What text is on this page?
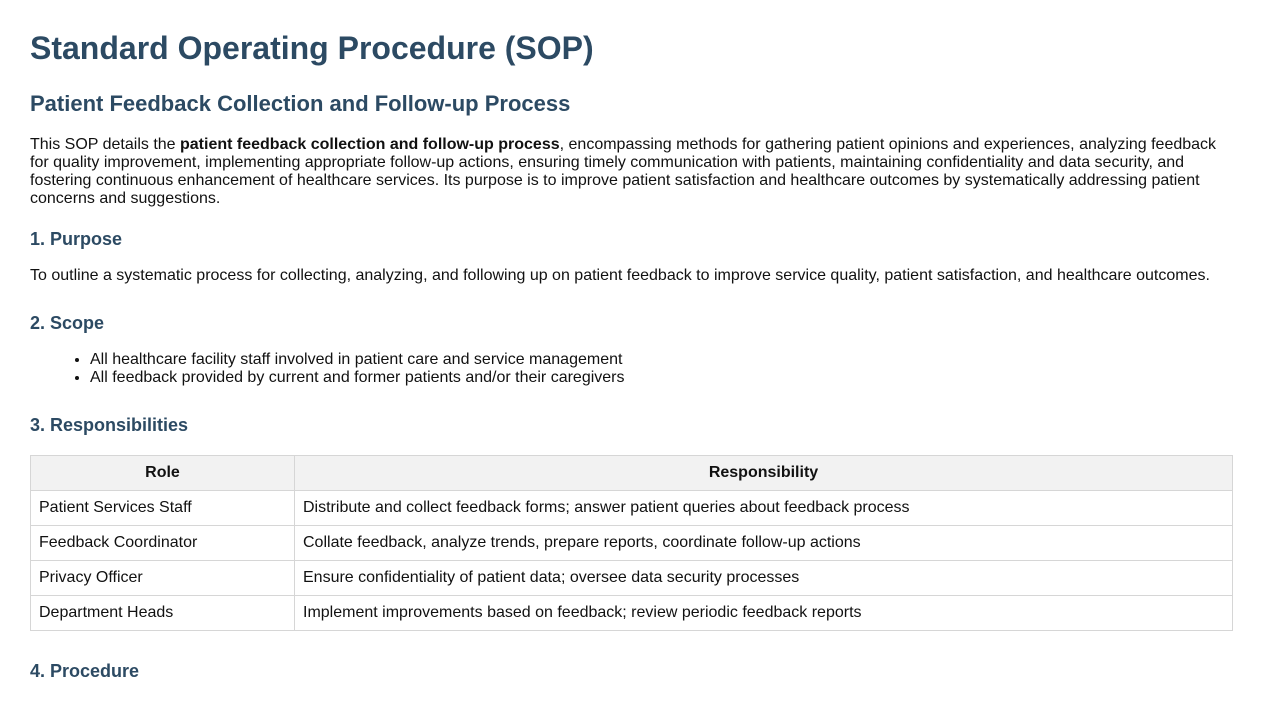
Standard Operating Procedure (SOP)
Patient Feedback Collection and Follow-up Process

This SOP details the patient feedback collection and follow-up process, encompassing methods for gathering patient opinions and experiences, analyzing feedback for quality improvement, implementing appropriate follow-up actions, ensuring timely communication with patients, maintaining confidentiality and data security, and fostering continuous enhancement of healthcare services. Its purpose is to improve patient satisfaction and healthcare outcomes by systematically addressing patient concerns and suggestions.

1. Purpose

To outline a systematic process for collecting, analyzing, and following up on patient feedback to improve service quality, patient satisfaction, and healthcare outcomes.

2. Scope
• All healthcare facility staff involved in patient care and service management
• All feedback provided by current and former patients and/or their caregivers
3. Responsibilities
Role	Responsibility
Patient Services Staff	Distribute and collect feedback forms; answer patient queries about feedback process
Feedback Coordinator	Collate feedback, analyze trends, prepare reports, coordinate follow-up actions
Privacy Officer	Ensure confidentiality of patient data; oversee data security processes
Department Heads	Implement improvements based on feedback; review periodic feedback reports
4. Procedure
